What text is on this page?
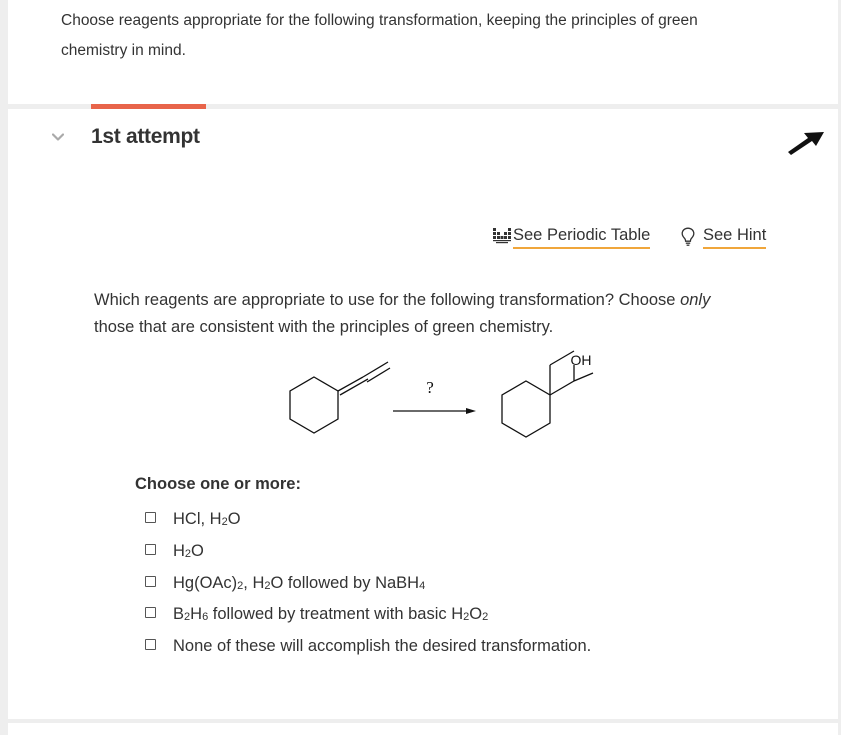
Choose reagents appropriate for the following transformation, keeping the principles of green
chemistry in mind.
1st attempt
See Periodic Table	See Hint
Which reagents are appropriate to use for the following transformation? Choose only
those that are consistent with the principles of green chemistry.
?
OH
Choose one or more:
HCl, $H_2O$
$H_2O$
$Hg(OAc)_2$, $H_2O$ followed by NaBH$_4$
$B_2H_6$ followed by treatment with basic $H_2O_2$
None of these will accomplish the desired transformation.
